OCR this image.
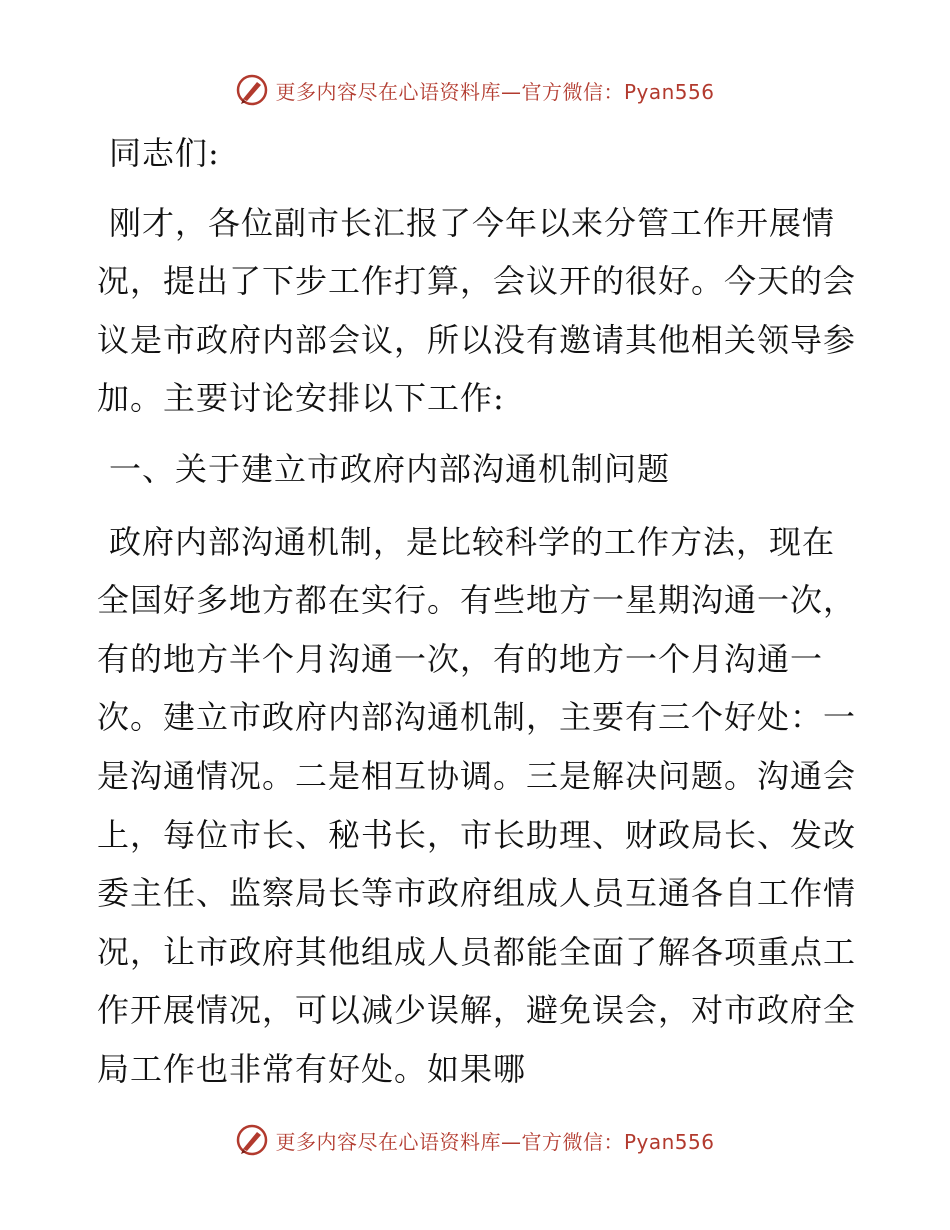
更多内容尽在心语资料库—官方微信：Pyan556

同志们:

刚才，各位副市长汇报了今年以来分管工作开展情况，提出了下步工作打算，会议开的很好。今天的会议是市政府内部会议，所以没有邀请其他相关领导参加。主要讨论安排以下工作:

一、关于建立市政府内部沟通机制问题

政府内部沟通机制，是比较科学的工作方法，现在全国好多地方都在实行。有些地方一星期沟通一次，有的地方半个月沟通一次，有的地方一个月沟通一次。建立市政府内部沟通机制，主要有三个好处：一是沟通情况。二是相互协调。三是解决问题。沟通会上，每位市长、秘书长，市长助理、财政局长、发改委主任、监察局长等市政府组成人员互通各自工作情况，让市政府其他组成人员都能全面了解各项重点工作开展情况，可以减少误解，避免误会，对市政府全局工作也非常有好处。如果哪

更多内容尽在心语资料库—官方微信：Pyan556
